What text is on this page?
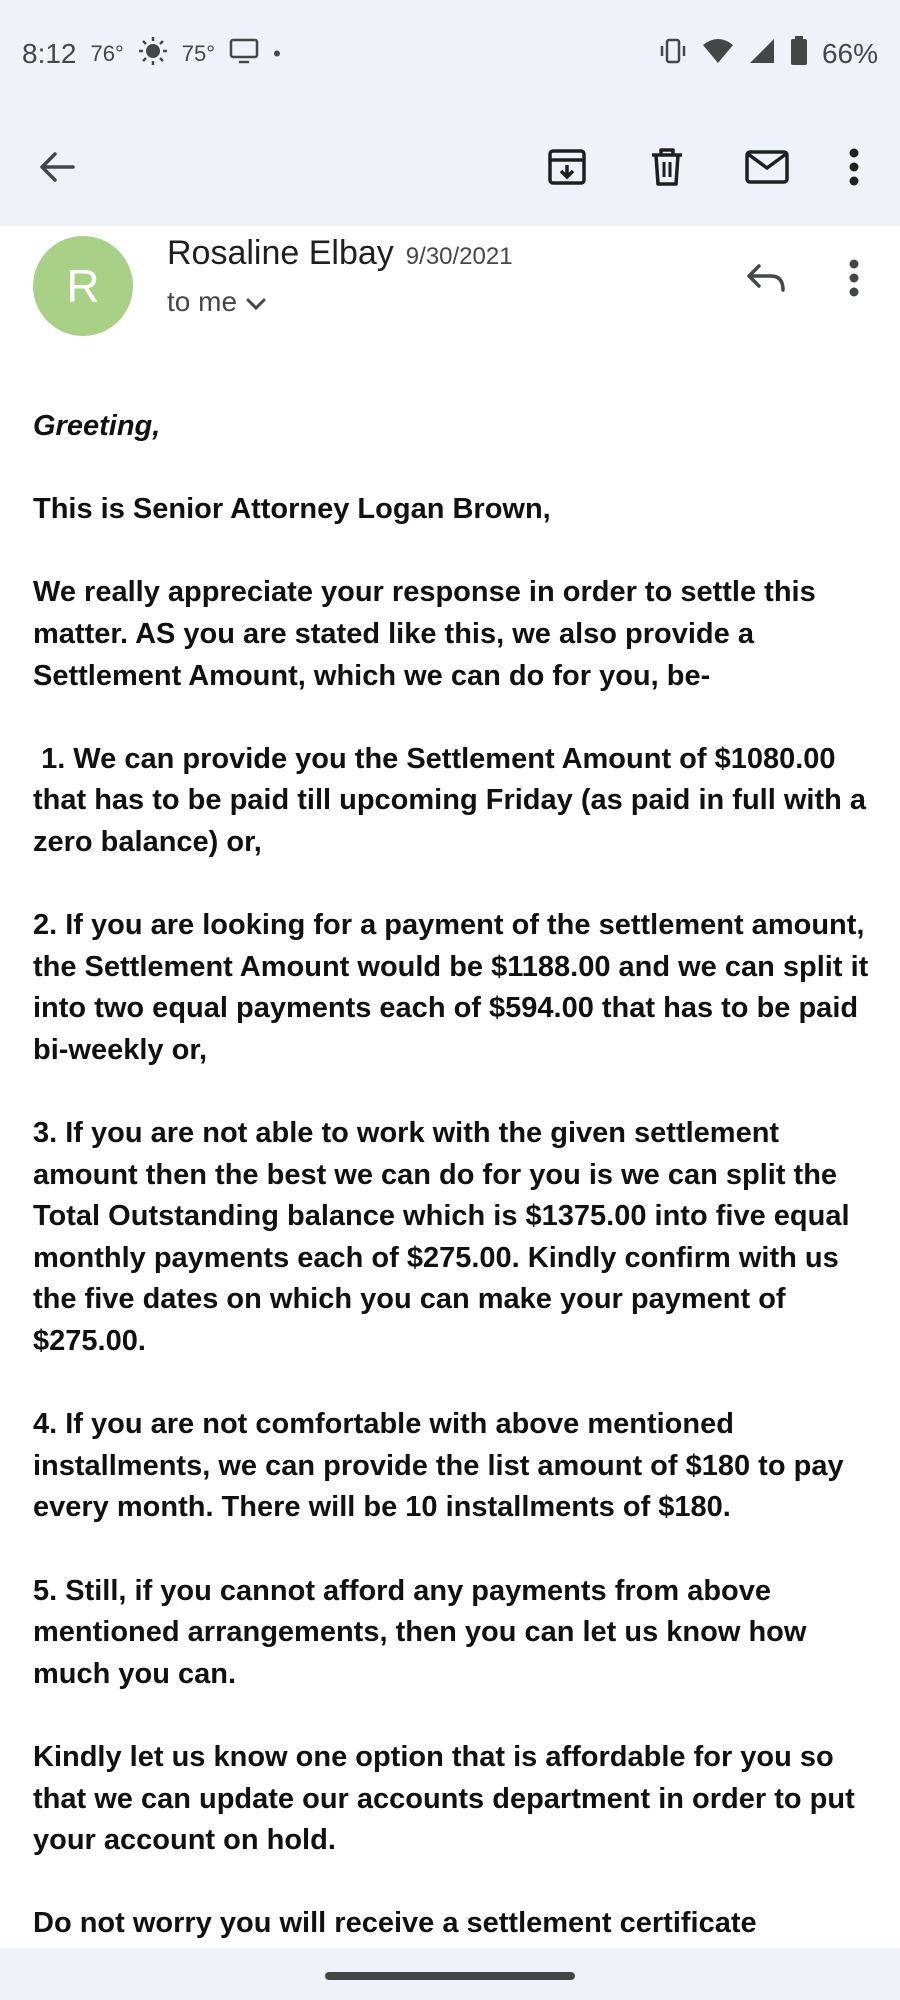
8:12 76°	75°	•	66%
R
Rosaline Elbay 9/30/2021
to me

Greeting,

This is Senior Attorney Logan Brown,

We really appreciate your response in order to settle this matter. AS you are stated like this, we also provide a Settlement Amount, which we can do for you, be-

1. We can provide you the Settlement Amount of $1080.00 that has to be paid till upcoming Friday (as paid in full with a zero balance) or,

2. If you are looking for a payment of the settlement amount, the Settlement Amount would be $1188.00 and we can split it into two equal payments each of $594.00 that has to be paid bi-weekly or,

3. If you are not able to work with the given settlement amount then the best we can do for you is we can split the Total Outstanding balance which is $1375.00 into five equal monthly payments each of $275.00. Kindly confirm with us the five dates on which you can make your payment of $275.00.

4. If you are not comfortable with above mentioned installments, we can provide the list amount of $180 to pay every month. There will be 10 installments of $180.

5. Still, if you cannot afford any payments from above mentioned arrangements, then you can let us know how much you can.

Kindly let us know one option that is affordable for you so that we can update our accounts department in order to put your account on hold.

Do not worry you will receive a settlement certificate
